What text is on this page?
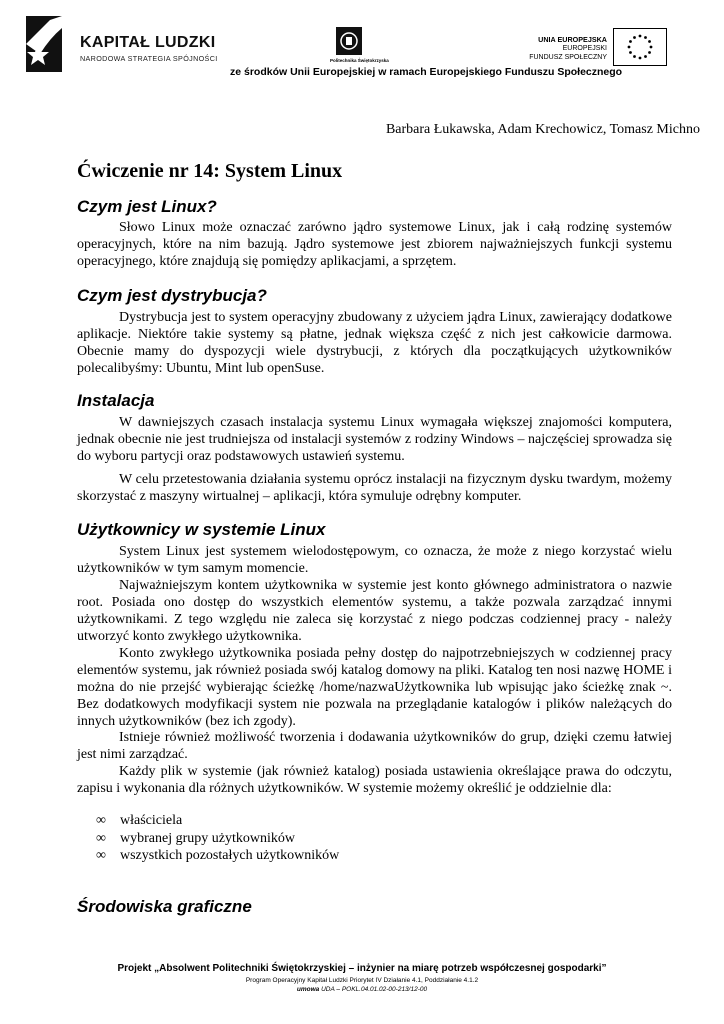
KAPITAŁ LUDZKI
NARODOWA STRATEGIA SPÓJNOŚCI	Politechnika Świętokrzyska
ze środków Unii Europejskiej w ramach Europejskiego Funduszu Społecznego
UNIA EUROPEJSKA
EUROPEJSKI
FUNDUSZ SPOŁECZNY
Barbara Łukawska, Adam Krechowicz, Tomasz Michno
Ćwiczenie nr 14: System Linux
Czym jest Linux?

Słowo Linux może oznaczać zarówno jądro systemowe Linux, jak i całą rodzinę systemów operacyjnych, które na nim bazują. Jądro systemowe jest zbiorem najważniejszych funkcji systemu operacyjnego, które znajdują się pomiędzy aplikacjami, a sprzętem.

Czym jest dystrybucja?

Dystrybucja jest to system operacyjny zbudowany z użyciem jądra Linux, zawierający dodatkowe aplikacje. Niektóre takie systemy są płatne, jednak większa część z nich jest całkowicie darmowa. Obecnie mamy do dyspozycji wiele dystrybucji, z których dla początkujących użytkowników polecalibyśmy: Ubuntu, Mint lub openSuse.

Instalacja

W dawniejszych czasach instalacja systemu Linux wymagała większej znajomości komputera, jednak obecnie nie jest trudniejsza od instalacji systemów z rodziny Windows – najczęściej sprowadza się do wyboru partycji oraz podstawowych ustawień systemu.

W celu przetestowania działania systemu oprócz instalacji na fizycznym dysku twardym, możemy skorzystać z maszyny wirtualnej – aplikacji, która symuluje odrębny komputer.

Użytkownicy w systemie Linux

System Linux jest systemem wielodostępowym, co oznacza, że może z niego korzystać wielu użytkowników w tym samym momencie.

Najważniejszym kontem użytkownika w systemie jest konto głównego administratora o nazwie root. Posiada ono dostęp do wszystkich elementów systemu, a także pozwala zarządzać innymi użytkownikami. Z tego względu nie zaleca się korzystać z niego podczas codziennej pracy - należy utworzyć konto zwykłego użytkownika.

Konto zwykłego użytkownika posiada pełny dostęp do najpotrzebniejszych w codziennej pracy elementów systemu, jak również posiada swój katalog domowy na pliki. Katalog ten nosi nazwę HOME i można do nie przejść wybierając ścieżkę /home/nazwaUżytkownika lub wpisując jako ścieżkę znak ~. Bez dodatkowych modyfikacji system nie pozwala na przeglądanie katalogów i plików należących do innych użytkowników (bez ich zgody).

Istnieje również możliwość tworzenia i dodawania użytkowników do grup, dzięki czemu łatwiej jest nimi zarządzać.

Każdy plik w systemie (jak również katalog) posiada ustawienia określające prawa do odczytu, zapisu i wykonania dla różnych użytkowników. W systemie możemy określić je oddzielnie dla:

∞ właściciela
∞ wybranej grupy użytkowników
∞ wszystkich pozostałych użytkowników
Środowiska graficzne
Projekt „Absolwent Politechniki Świętokrzyskiej – inżynier na miarę potrzeb współczesnej gospodarki”
Program Operacyjny Kapitał Ludzki Priorytet IV Działanie 4.1, Poddziałanie 4.1.2
umowa UDA – POKL.04.01.02-00-213/12-00
